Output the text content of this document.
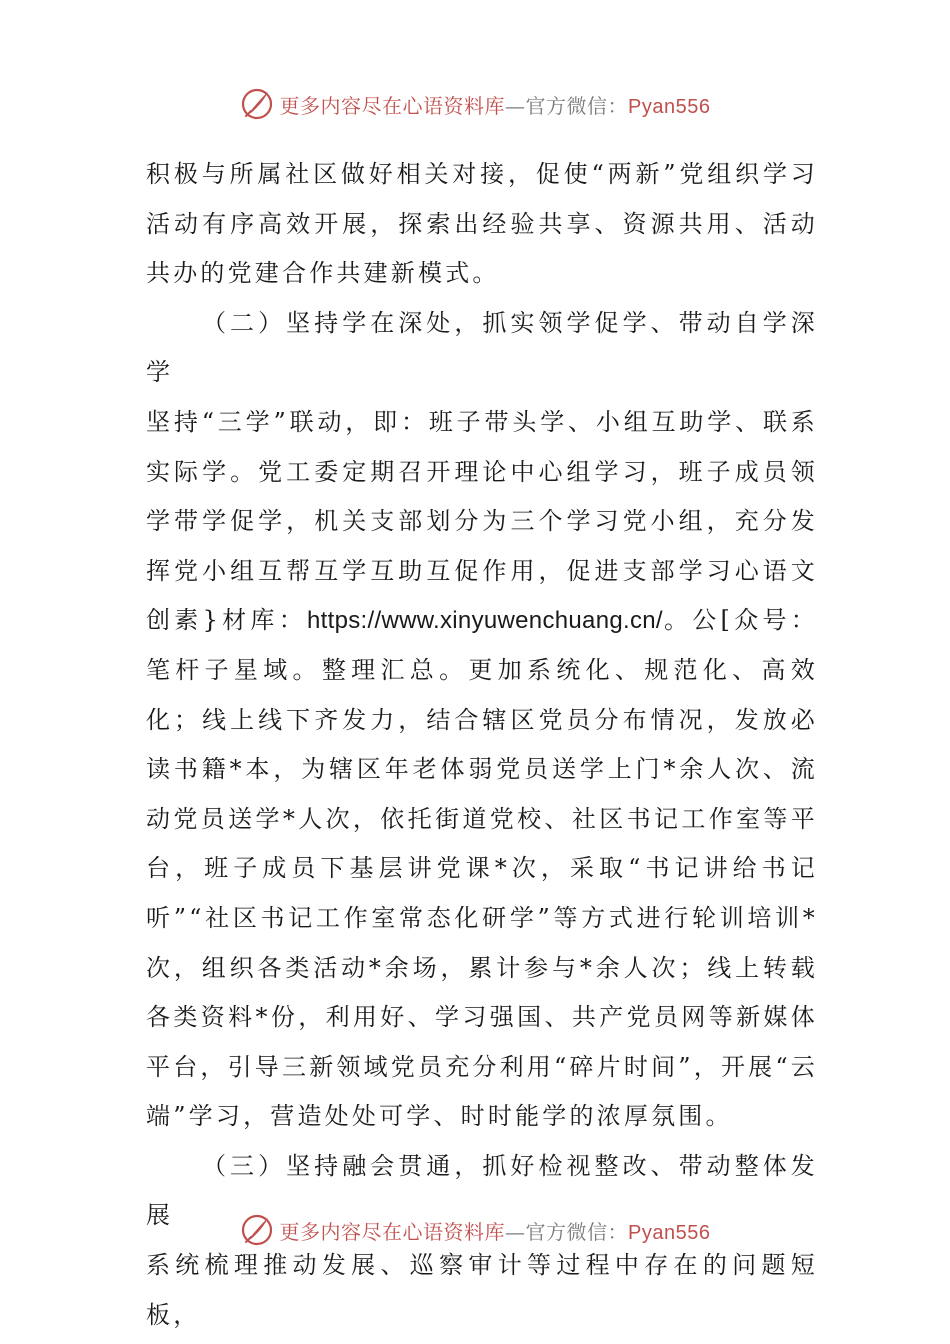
更多内容尽在心语资料库—官方微信：Pyan556

积极与所属社区做好相关对接，促使“两新”党组织学习活动有序高效开展，探索出经验共享、资源共用、活动共办的党建合作共建新模式。

（二）坚持学在深处，抓实领学促学、带动自学深学

坚持“三学”联动，即：班子带头学、小组互助学、联系实际学。党工委定期召开理论中心组学习，班子成员领学带学促学，机关支部划分为三个学习党小组，充分发挥党小组互帮互学互助互促作用，促进支部学习心语文创素}材库：https://www.xinyuwenchuang.cn/。公[众号：笔杆子星域。整理汇总。更加系统化、规范化、高效化；线上线下齐发力，结合辖区党员分布情况，发放必读书籍*本，为辖区年老体弱党员送学上门*余人次、流动党员送学*人次，依托街道党校、社区书记工作室等平台，班子成员下基层讲党课*次，采取“书记讲给书记听”“社区书记工作室常态化研学”等方式进行轮训培训*次，组织各类活动*余场，累计参与*余人次；线上转载各类资料*份，利用好、学习强国、共产党员网等新媒体平台，引导三新领域党员充分利用“碎片时间”，开展“云端”学习，营造处处可学、时时能学的浓厚氛围。

（三）坚持融会贯通，抓好检视整改、带动整体发展

系统梳理推动发展、巡察审计等过程中存在的问题短板，

更多内容尽在心语资料库—官方微信：Pyan556
